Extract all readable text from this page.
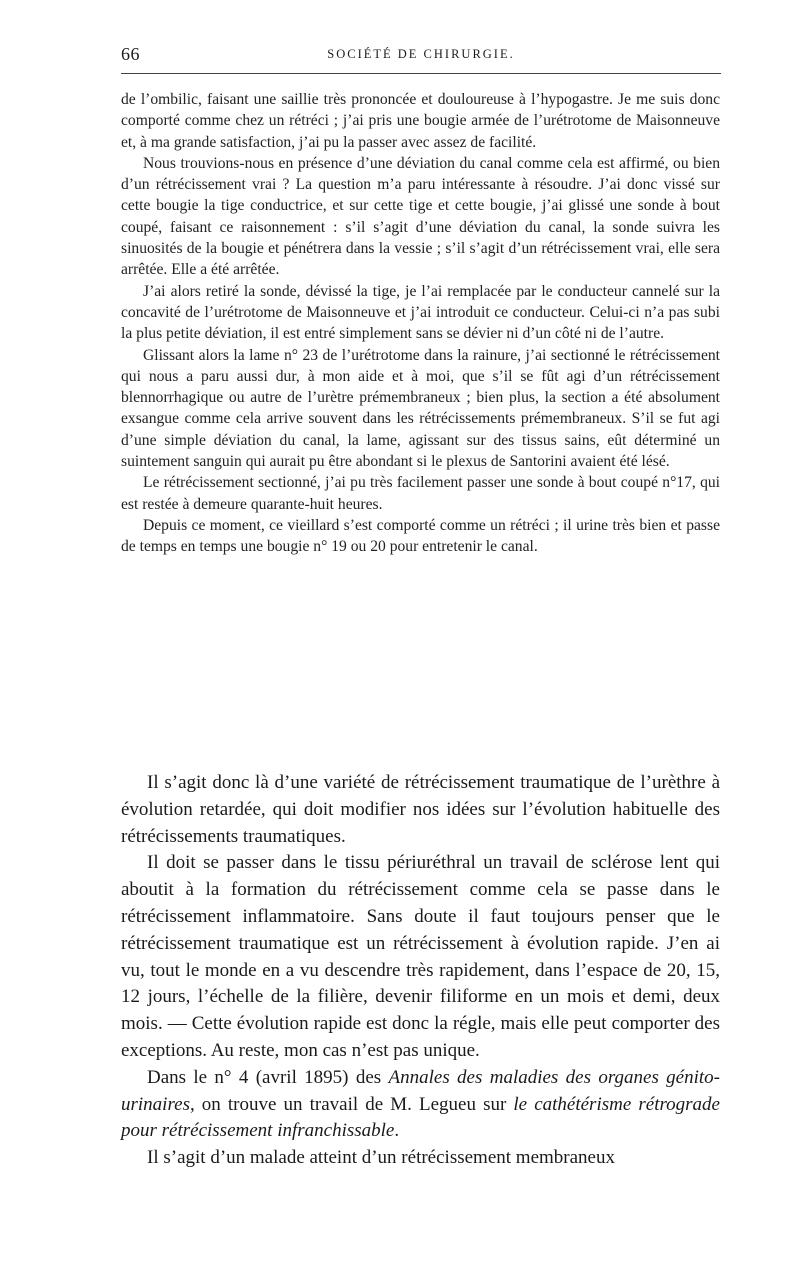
66	SOCIÉTÉ DE CHIRURGIE.

de l’ombilic, faisant une saillie très prononcée et douloureuse à l’hypogastre. Je me suis donc comporté comme chez un rétréci ; j’ai pris une bougie armée de l’urétrotome de Maisonneuve et, à ma grande satisfaction, j’ai pu la passer avec assez de facilité.

Nous trouvions-nous en présence d’une déviation du canal comme cela est affirmé, ou bien d’un rétrécissement vrai ? La question m’a paru intéressante à résoudre. J’ai donc vissé sur cette bougie la tige conductrice, et sur cette tige et cette bougie, j’ai glissé une sonde à bout coupé, faisant ce raisonnement : s’il s’agit d’une déviation du canal, la sonde suivra les sinuosités de la bougie et pénétrera dans la vessie ; s’il s’agit d’un rétrécissement vrai, elle sera arrêtée. Elle a été arrêtée.

J’ai alors retiré la sonde, dévissé la tige, je l’ai remplacée par le conducteur cannelé sur la concavité de l’urétrotome de Maisonneuve et j’ai introduit ce conducteur. Celui-ci n’a pas subi la plus petite déviation, il est entré simplement sans se dévier ni d’un côté ni de l’autre.

Glissant alors la lame n° 23 de l’urétrotome dans la rainure, j’ai sectionné le rétrécissement qui nous a paru aussi dur, à mon aide et à moi, que s’il se fût agi d’un rétrécissement blennorrhagique ou autre de l’urètre prémembraneux ; bien plus, la section a été absolument exsangue comme cela arrive souvent dans les rétrécissements prémembraneux. S’il se fut agi d’une simple déviation du canal, la lame, agissant sur des tissus sains, eût déterminé un suintement sanguin qui aurait pu être abondant si le plexus de Santorini avaient été lésé.

Le rétrécissement sectionné, j’ai pu très facilement passer une sonde à bout coupé n°17, qui est restée à demeure quarante-huit heures.

Depuis ce moment, ce vieillard s’est comporté comme un rétréci ; il urine très bien et passe de temps en temps une bougie n° 19 ou 20 pour entretenir le canal.

Il s’agit donc là d’une variété de rétrécissement traumatique de l’urèthre à évolution retardée, qui doit modifier nos idées sur l’évolution habituelle des rétrécissements traumatiques.

Il doit se passer dans le tissu périuréthral un travail de sclérose lent qui aboutit à la formation du rétrécissement comme cela se passe dans le rétrécissement inflammatoire. Sans doute il faut toujours penser que le rétrécissement traumatique est un rétrécissement à évolution rapide. J’en ai vu, tout le monde en a vu descendre très rapidement, dans l’espace de 20, 15, 12 jours, l’échelle de la filière, devenir filiforme en un mois et demi, deux mois. — Cette évolution rapide est donc la régle, mais elle peut comporter des exceptions. Au reste, mon cas n’est pas unique.

Dans le n° 4 (avril 1895) des Annales des maladies des organes génito-urinaires, on trouve un travail de M. Legueu sur le cathétérisme rétrograde pour rétrécissement infranchissable.

Il s’agit d’un malade atteint d’un rétrécissement membraneux
